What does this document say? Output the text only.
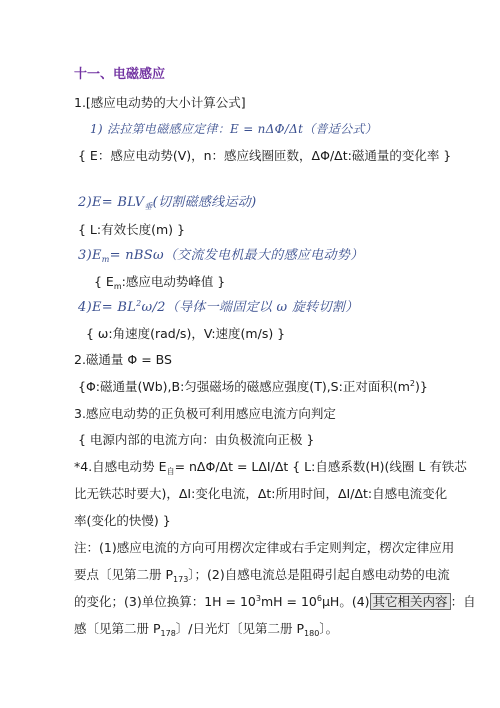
十一、电磁感应
1.[感应电动势的大小计算公式]
1) 法拉第电磁感应定律：E = nΔΦ/Δt（普适公式）
{ E：感应电动势(V)，n：感应线圈匝数，ΔΦ/Δt:磁通量的变化率 }
$2)E= BLV_垂$(切割磁感线运动)
{ L:有效长度(m) }
$3)E_m= nBS\omega$（交流发电机最大的感应电动势）
{ $E_m$:感应电动势峰值 }
$4)E= BL^2\omega/2$（导体一端固定以 ω 旋转切割）
{ ω:角速度(rad/s)，V:速度(m/s) }
2.磁通量 Φ = BS
{Φ:磁通量(Wb),B:匀强磁场的磁感应强度(T),S:正对面积$(m^2)$}
3.感应电动势的正负极可利用感应电流方向判定
{ 电源内部的电流方向：由负极流向正极 }
*4.自感电动势 $E_自= n\Delta\Phi/\Delta t = L\Delta I/\Delta t$ { L:自感系数(H)(线圈 L 有铁芯
比无铁芯时要大)，ΔI:变化电流，Δt:所用时间，ΔI/Δt:自感电流变化
率(变化的快慢) }
注：(1)感应电流的方向可用楞次定律或右手定则判定，楞次定律应用
要点〔见第二册 $P_{173}$〕；(2)自感电流总是阻碍引起自感电动势的电流
的变化；(3)单位换算：$1H = 10^3mH = 10^6\mu H$。(4) 其它相关内容 ：自
感〔见第二册 $P_{178}$〕/日光灯〔见第二册 $P_{180}$〕。
